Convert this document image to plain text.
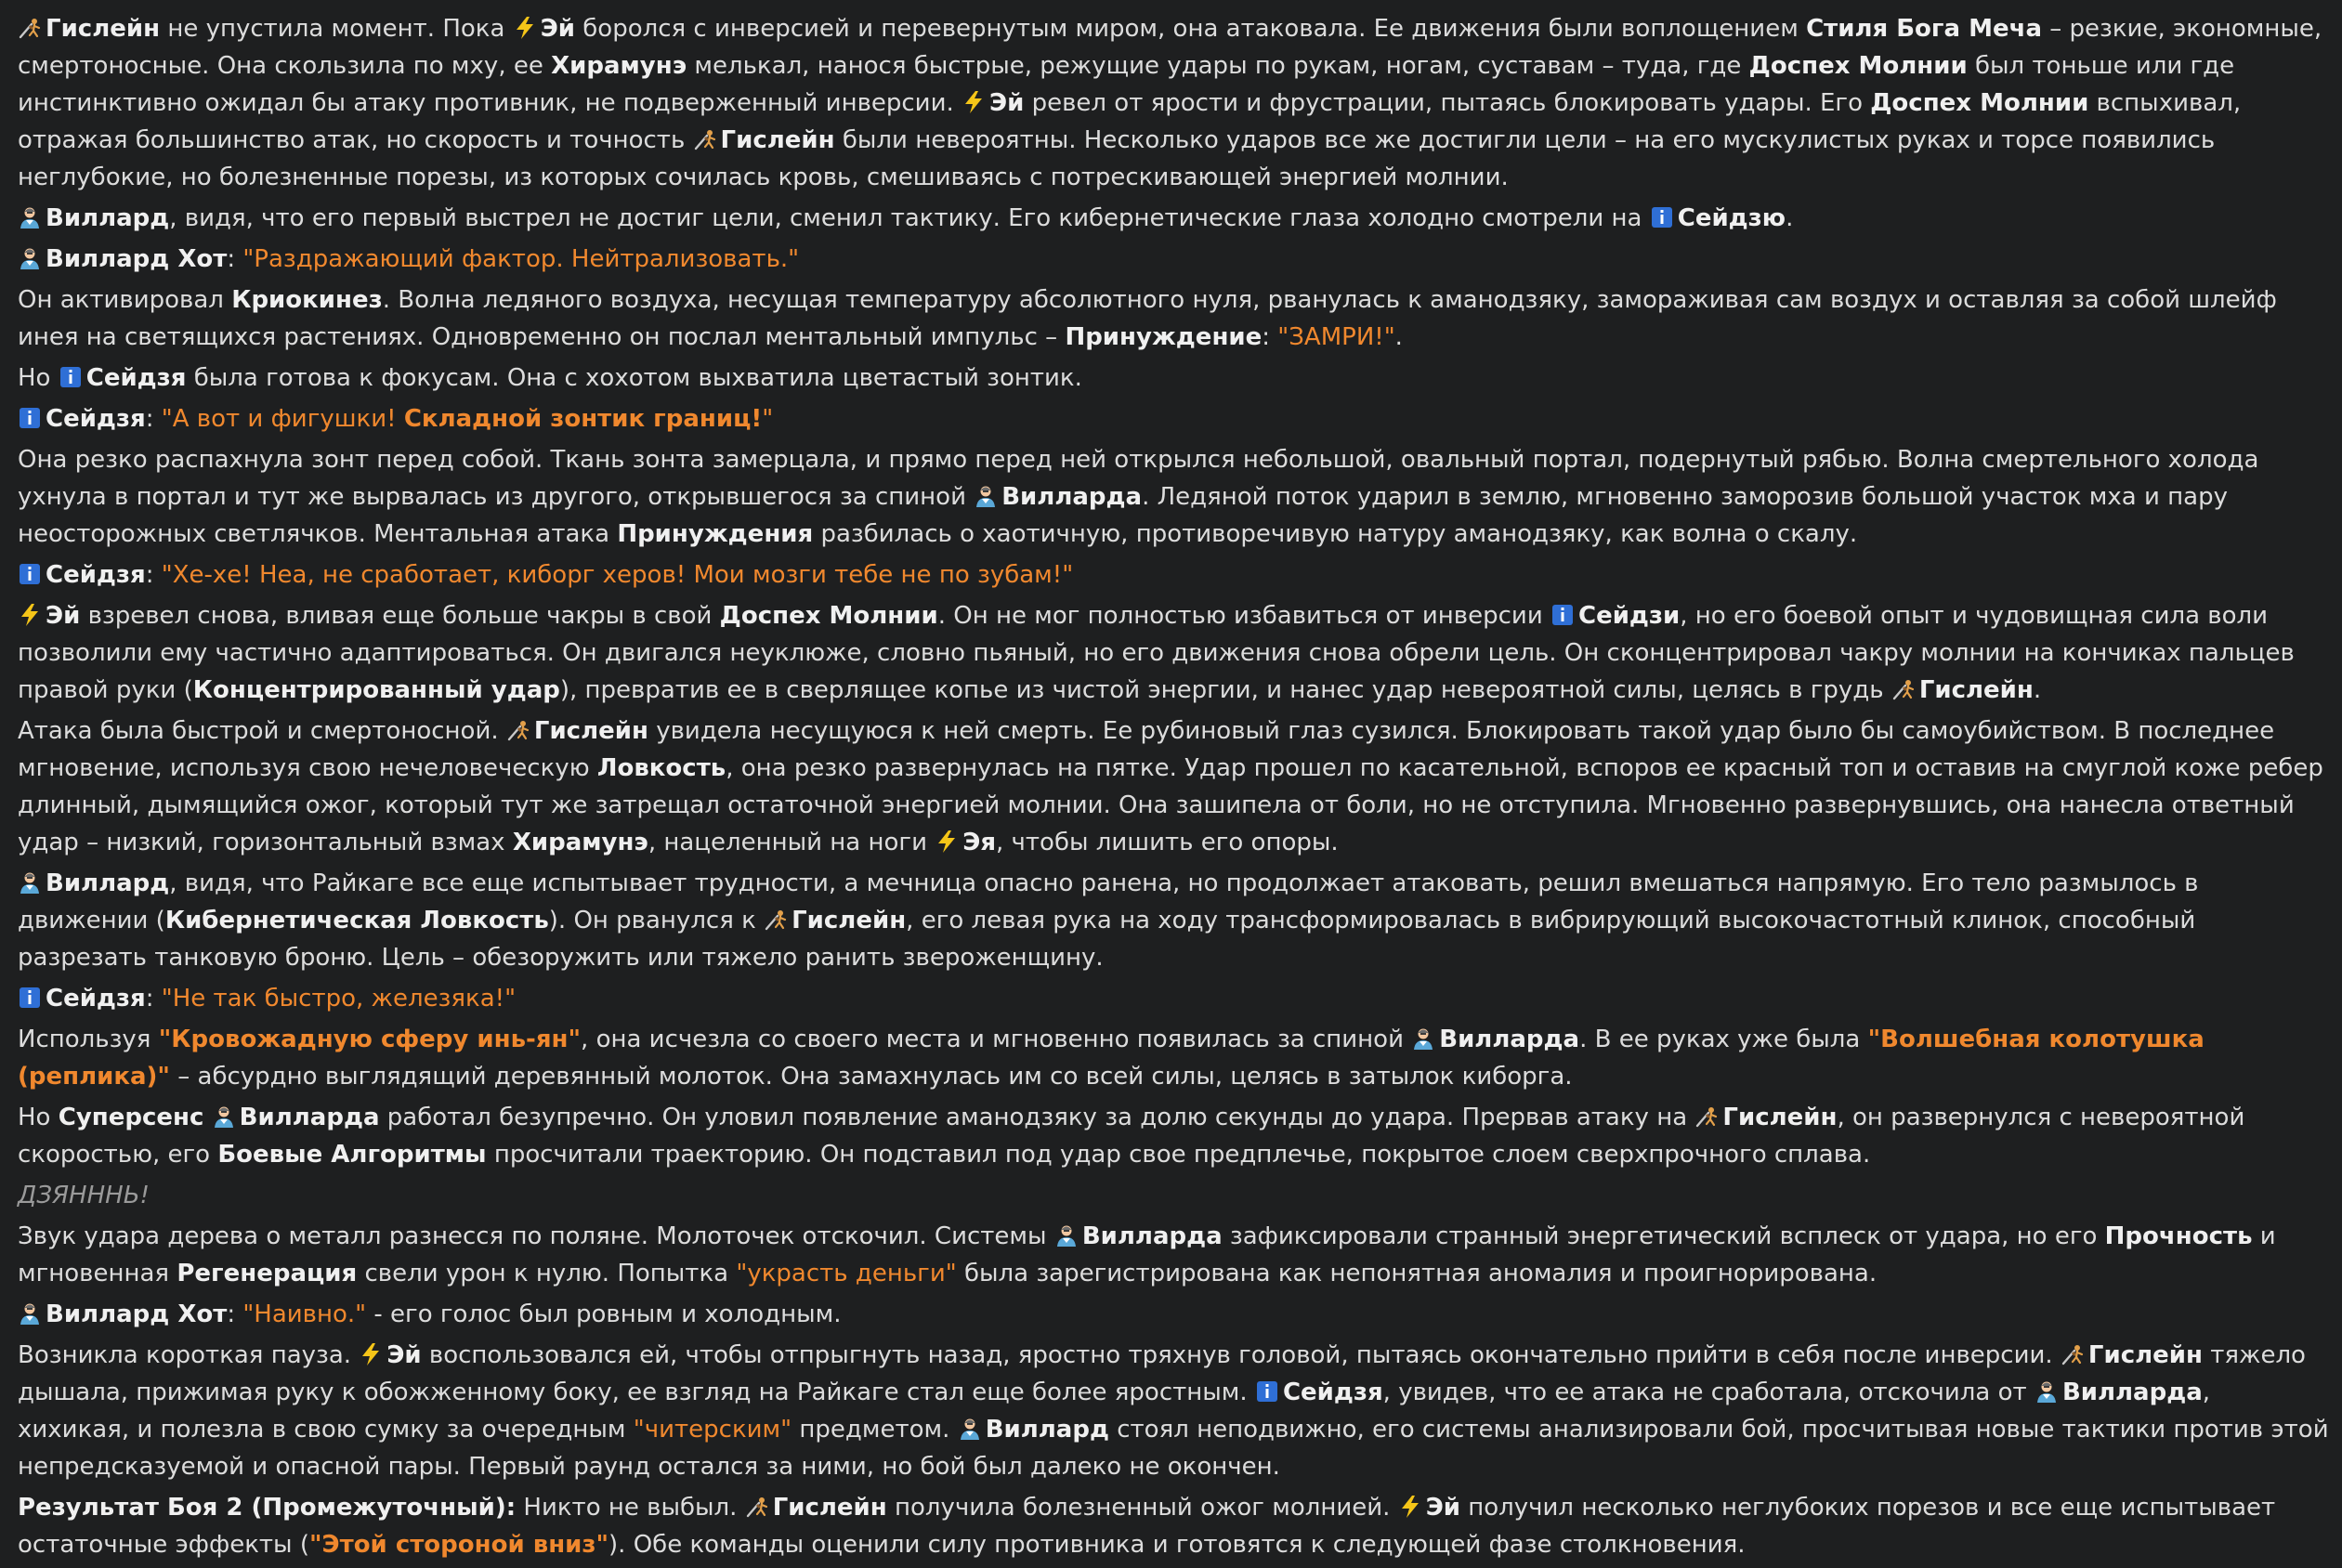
Гислейн не упустила момент. Пока
Эй боролся с инверсией и перевернутым миром, она атаковала. Ее движения были воплощением Стиля Бога Меча – резкие, экономные, смертоносные. Она скользила по мху, ее Хирамунэ мелькал, нанося быстрые, режущие удары по рукам, ногам, суставам – туда, где Доспех Молнии был тоньше или где инстинктивно ожидал бы атаку противник, не подверженный инверсии.
Эй ревел от ярости и фрустрации, пытаясь блокировать удары. Его Доспех Молнии вспыхивал, отражая большинство атак, но скорость и точность
Гислейн были невероятны. Несколько ударов все же достигли цели – на его мускулистых руках и торсе появились неглубокие, но болезненные порезы, из которых сочилась кровь, смешиваясь с потрескивающей энергией молнии.
Виллард, видя, что его первый выстрел не достиг цели, сменил тактику. Его кибернетические глаза холодно смотрели на
Сейдзю.
Виллард Хот: "Раздражающий фактор. Нейтрализовать."
Он активировал Криокинез. Волна ледяного воздуха, несущая температуру абсолютного нуля, рванулась к аманодзяку, замораживая сам воздух и оставляя за собой шлейф инея на светящихся растениях. Одновременно он послал ментальный импульс – Принуждение: "ЗАМРИ!".
Но
Сейдзя была готова к фокусам. Она с хохотом выхватила цветастый зонтик.
Сейдзя: "А вот и фигушки! Складной зонтик границ!"
Она резко распахнула зонт перед собой. Ткань зонта замерцала, и прямо перед ней открылся небольшой, овальный портал, подернутый рябью. Волна смертельного холода ухнула в портал и тут же вырвалась из другого, открывшегося за спиной
Вилларда. Ледяной поток ударил в землю, мгновенно заморозив большой участок мха и пару неосторожных светлячков. Ментальная атака Принуждения разбилась о хаотичную, противоречивую натуру аманодзяку, как волна о скалу.
Сейдзя: "Хе-хе! Неа, не сработает, киборг херов! Мои мозги тебе не по зубам!"
Эй взревел снова, вливая еще больше чакры в свой Доспех Молнии. Он не мог полностью избавиться от инверсии
Сейдзи, но его боевой опыт и чудовищная сила воли позволили ему частично адаптироваться. Он двигался неуклюже, словно пьяный, но его движения снова обрели цель. Он сконцентрировал чакру молнии на кончиках пальцев правой руки (Концентрированный удар), превратив ее в сверлящее копье из чистой энергии, и нанес удар невероятной силы, целясь в грудь
Гислейн.
Атака была быстрой и смертоносной.
Гислейн увидела несущуюся к ней смерть. Ее рубиновый глаз сузился. Блокировать такой удар было бы самоубийством. В последнее мгновение, используя свою нечеловеческую Ловкость, она резко развернулась на пятке. Удар прошел по касательной, вспоров ее красный топ и оставив на смуглой коже ребер длинный, дымящийся ожог, который тут же затрещал остаточной энергией молнии. Она зашипела от боли, но не отступила. Мгновенно развернувшись, она нанесла ответный удар – низкий, горизонтальный взмах Хирамунэ, нацеленный на ноги
Эя, чтобы лишить его опоры.
Виллард, видя, что Райкаге все еще испытывает трудности, а мечница опасно ранена, но продолжает атаковать, решил вмешаться напрямую. Его тело размылось в движении (Кибернетическая Ловкость). Он рванулся к
Гислейн, его левая рука на ходу трансформировалась в вибрирующий высокочастотный клинок, способный разрезать танковую броню. Цель – обезоружить или тяжело ранить звероженщину.
Сейдзя: "Не так быстро, железяка!"
Используя "Кровожадную сферу инь-ян", она исчезла со своего места и мгновенно появилась за спиной
Вилларда. В ее руках уже была "Волшебная колотушка (реплика)" – абсурдно выглядящий деревянный молоток. Она замахнулась им со всей силы, целясь в затылок киборга.
Но Суперсенс Вилларда работал безупречно. Он уловил появление аманодзяку за долю секунды до удара. Прервав атаку на
Гислейн, он развернулся с невероятной скоростью, его Боевые Алгоритмы просчитали траекторию. Он подставил под удар свое предплечье, покрытое слоем сверхпрочного сплава.
ДЗЯНННЬ!
Звук удара дерева о металл разнесся по поляне. Молоточек отскочил. Системы
Вилларда зафиксировали странный энергетический всплеск от удара, но его Прочность и мгновенная Регенерация свели урон к нулю. Попытка "украсть деньги" была зарегистрирована как непонятная аномалия и проигнорирована.
Виллард Хот: "Наивно." - его голос был ровным и холодным.
Возникла короткая пауза.
Эй воспользовался ей, чтобы отпрыгнуть назад, яростно тряхнув головой, пытаясь окончательно прийти в себя после инверсии.
Гислейн тяжело дышала, прижимая руку к обожженному боку, ее взгляд на Райкаге стал еще более яростным.
Сейдзя, увидев, что ее атака не сработала, отскочила от
Вилларда, хихикая, и полезла в свою сумку за очередным "читерским" предметом.
Виллард стоял неподвижно, его системы анализировали бой, просчитывая новые тактики против этой непредсказуемой и опасной пары. Первый раунд остался за ними, но бой был далеко не окончен.
Результат Боя 2 (Промежуточный): Никто не выбыл.
Гислейн получила болезненный ожог молнией.
Эй получил несколько неглубоких порезов и все еще испытывает остаточные эффекты ("Этой стороной вниз"). Обе команды оценили силу противника и готовятся к следующей фазе столкновения.
